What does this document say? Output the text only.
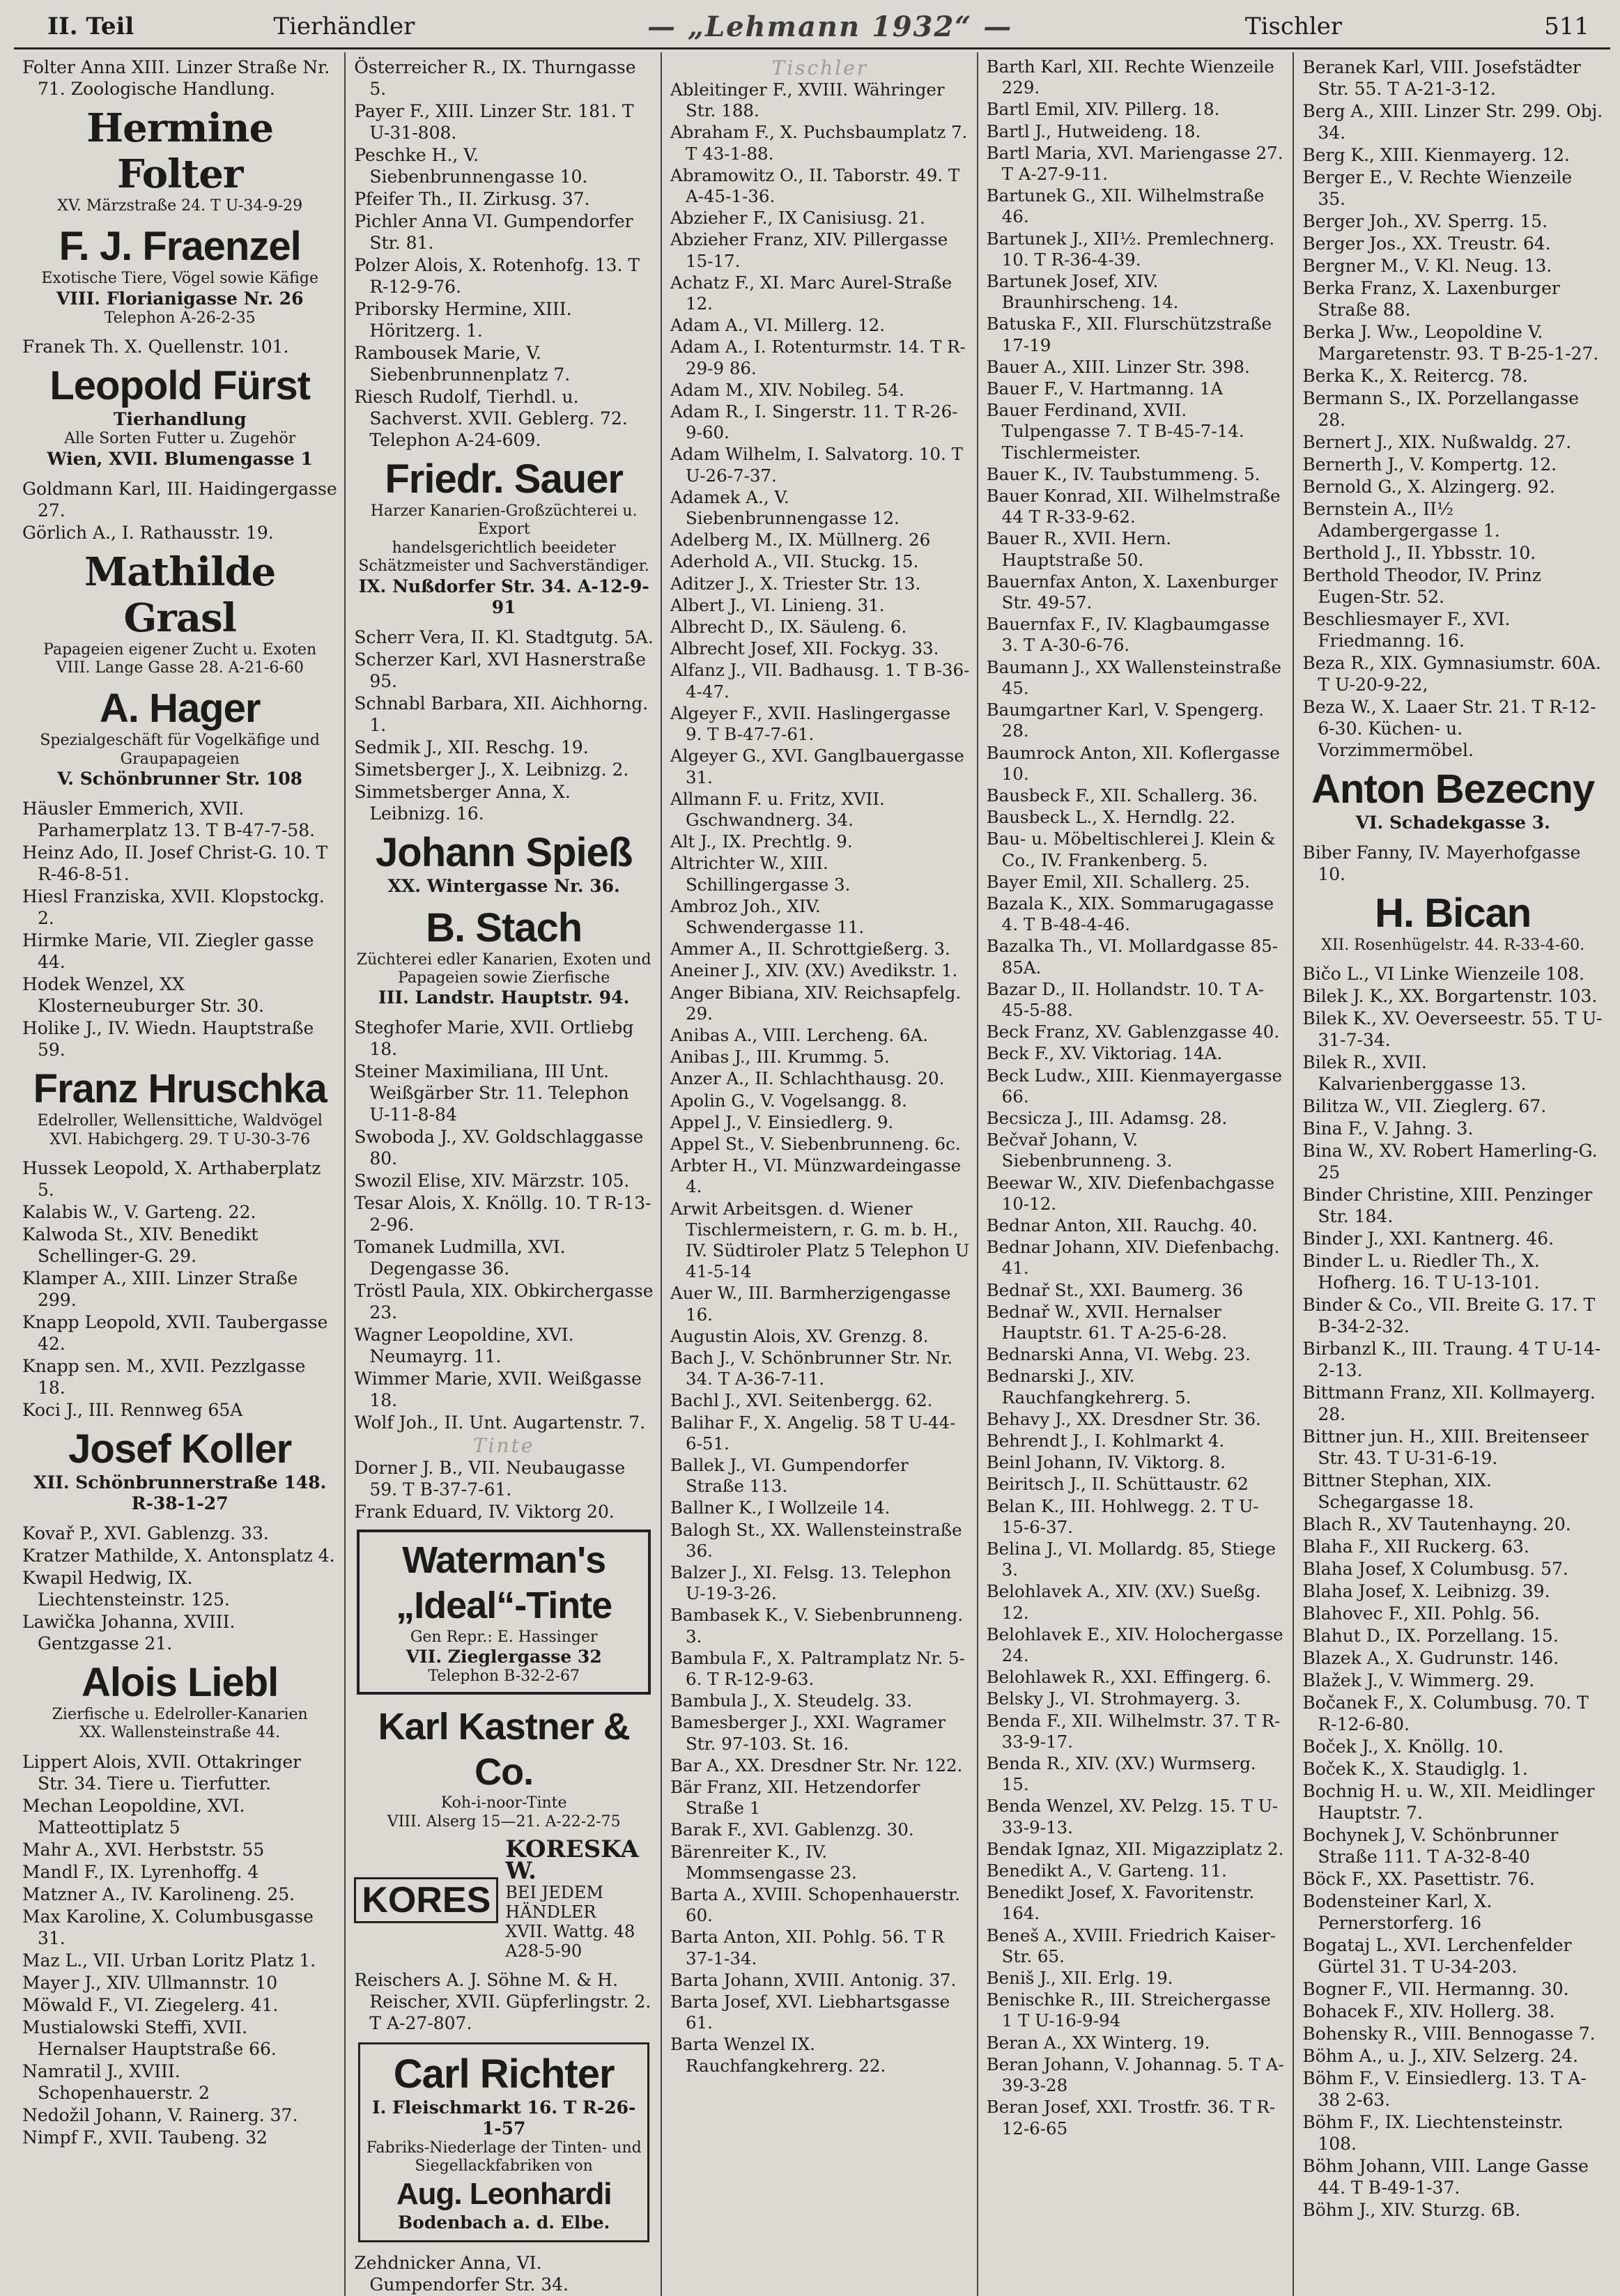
II. Teil	Tierhändler	— „Lehmann 1932“ —	Tischler	511
Folter Anna XIII. Linzer Straße Nr. 71. Zoologische Handlung.
Hermine Folter
XV. Märzstraße 24. T U-34-9-29
F. J. Fraenzel
Exotische Tiere, Vögel sowie Käfige
VIII. Florianigasse Nr. 26
Telephon A-26-2-35
Franek Th. X. Quellenstr. 101.
Leopold Fürst
Tierhandlung
Alle Sorten Futter u. Zugehör
Wien, XVII. Blumengasse 1
Goldmann Karl, III. Haidingergasse 27.
Görlich A., I. Rathausstr. 19.
Mathilde Grasl
Papageien eigener Zucht u. Exoten
VIII. Lange Gasse 28. A-21-6-60
A. Hager
Spezialgeschäft für Vogelkäfige und Graupapageien
V. Schönbrunner Str. 108
Häusler Emmerich, XVII. Parhamerplatz 13. T B-47-7-58.
Heinz Ado, II. Josef Christ-G. 10. T R-46-8-51.
Hiesl Franziska, XVII. Klopstockg. 2.
Hirmke Marie, VII. Ziegler gasse 44.
Hodek Wenzel, XX Klosterneuburger Str. 30.
Holike J., IV. Wiedn. Hauptstraße 59.
Franz Hruschka
Edelroller, Wellensittiche, Waldvögel
XVI. Habichgerg. 29. T U-30-3-76
Hussek Leopold, X. Arthaberplatz 5.
Kalabis W., V. Garteng. 22.
Kalwoda St., XIV. Benedikt Schellinger-G. 29.
Klamper A., XIII. Linzer Straße 299.
Knapp Leopold, XVII. Taubergasse 42.
Knapp sen. M., XVII. Pezzlgasse 18.
Koci J., III. Rennweg 65A
Josef Koller
XII. Schönbrunnerstraße 148. R-38-1-27
Kovař P., XVI. Gablenzg. 33.
Kratzer Mathilde, X. Antonsplatz 4.
Kwapil Hedwig, IX. Liechtensteinstr. 125.
Lawička Johanna, XVIII. Gentzgasse 21.
Alois Liebl
Zierfische u. Edelroller-Kanarien
XX. Wallensteinstraße 44.
Lippert Alois, XVII. Ottakringer Str. 34. Tiere u. Tierfutter.
Mechan Leopoldine, XVI. Matteottiplatz 5
Mahr A., XVI. Herbststr. 55
Mandl F., IX. Lyrenhoffg. 4
Matzner A., IV. Karolineng. 25.
Max Karoline, X. Columbusgasse 31.
Maz L., VII. Urban Loritz Platz 1.
Mayer J., XIV. Ullmannstr. 10
Möwald F., VI. Ziegelerg. 41.
Mustialowski Steffi, XVII. Hernalser Hauptstraße 66.
Namratil J., XVIII. Schopenhauerstr. 2
Nedožil Johann, V. Rainerg. 37.
Nimpf F., XVII. Taubeng. 32
Österreicher R., IX. Thurngasse 5.
Payer F., XIII. Linzer Str. 181. T U-31-808.
Peschke H., V. Siebenbrunnengasse 10.
Pfeifer Th., II. Zirkusg. 37.
Pichler Anna VI. Gumpendorfer Str. 81.
Polzer Alois, X. Rotenhofg. 13. T R-12-9-76.
Priborsky Hermine, XIII. Höritzerg. 1.
Rambousek Marie, V. Siebenbrunnenplatz 7.
Riesch Rudolf, Tierhdl. u. Sachverst. XVII. Geblerg. 72. Telephon A-24-609.
Friedr. Sauer
Harzer Kanarien-Großzüchterei u. Export
handelsgerichtlich beeideter Schätzmeister und Sachverständiger.
IX. Nußdorfer Str. 34. A-12-9-91
Scherr Vera, II. Kl. Stadtgutg. 5A.
Scherzer Karl, XVI Hasnerstraße 95.
Schnabl Barbara, XII. Aichhorng. 1.
Sedmik J., XII. Reschg. 19.
Simetsberger J., X. Leibnizg. 2.
Simmetsberger Anna, X. Leibnizg. 16.
Johann Spieß
XX. Wintergasse Nr. 36.
B. Stach
Züchterei edler Kanarien, Exoten und Papageien sowie Zierfische
III. Landstr. Hauptstr. 94.
Steghofer Marie, XVII. Ortliebg 18.
Steiner Maximiliana, III Unt. Weißgärber Str. 11. Telephon U-11-8-84
Swoboda J., XV. Goldschlaggasse 80.
Swozil Elise, XIV. Märzstr. 105.
Tesar Alois, X. Knöllg. 10. T R-13-2-96.
Tomanek Ludmilla, XVI. Degengasse 36.
Tröstl Paula, XIX. Obkirchergasse 23.
Wagner Leopoldine, XVI. Neumayrg. 11.
Wimmer Marie, XVII. Weißgasse 18.
Wolf Joh., II. Unt. Augartenstr. 7.
Tinte
Dorner J. B., VII. Neubaugasse 59. T B-37-7-61.
Frank Eduard, IV. Viktorg 20.
Waterman's „Ideal“-Tinte
Gen Repr.: E. Hassinger
VII. Zieglergasse 32
Telephon B-32-2-67
Karl Kastner & Co.
Koh-i-noor-Tinte
VIII. Alserg 15—21. A-22-2-75
KORES
KORESKA W.
BEI JEDEM HÄNDLER
XVII. Wattg. 48 A28-5-90
Reischers A. J. Söhne M. & H. Reischer, XVII. Güpferlingstr. 2. T A-27-807.
Carl Richter
I. Fleischmarkt 16. T R-26-1-57
Fabriks-Niederlage der Tinten- und Siegellackfabriken von
Aug. Leonhardi
Bodenbach a. d. Elbe.
Zehdnicker Anna, VI. Gumpendorfer Str. 34.
Tischler
Ableitinger F., XVIII. Währinger Str. 188.
Abraham F., X. Puchsbaumplatz 7. T 43-1-88.
Abramowitz O., II. Taborstr. 49. T A-45-1-36.
Abzieher F., IX Canisiusg. 21.
Abzieher Franz, XIV. Pillergasse 15-17.
Achatz F., XI. Marc Aurel-Straße 12.
Adam A., VI. Millerg. 12.
Adam A., I. Rotenturmstr. 14. T R-29-9 86.
Adam M., XIV. Nobileg. 54.
Adam R., I. Singerstr. 11. T R-26-9-60.
Adam Wilhelm, I. Salvatorg. 10. T U-26-7-37.
Adamek A., V. Siebenbrunnengasse 12.
Adelberg M., IX. Müllnerg. 26
Aderhold A., VII. Stuckg. 15.
Aditzer J., X. Triester Str. 13.
Albert J., VI. Linieng. 31.
Albrecht D., IX. Säuleng. 6.
Albrecht Josef, XII. Fockyg. 33.
Alfanz J., VII. Badhausg. 1. T B-36-4-47.
Algeyer F., XVII. Haslingergasse 9. T B-47-7-61.
Algeyer G., XVI. Ganglbauergasse 31.
Allmann F. u. Fritz, XVII. Gschwandnerg. 34.
Alt J., IX. Prechtlg. 9.
Altrichter W., XIII. Schillingergasse 3.
Ambroz Joh., XIV. Schwendergasse 11.
Ammer A., II. Schrottgießerg. 3.
Aneiner J., XIV. (XV.) Avedikstr. 1.
Anger Bibiana, XIV. Reichsapfelg. 29.
Anibas A., VIII. Lercheng. 6A.
Anibas J., III. Krummg. 5.
Anzer A., II. Schlachthausg. 20.
Apolin G., V. Vogelsangg. 8.
Appel J., V. Einsiedlerg. 9.
Appel St., V. Siebenbrunneng. 6c.
Arbter H., VI. Münzwardeingasse 4.
Arwit Arbeitsgen. d. Wiener Tischlermeistern, r. G. m. b. H., IV. Südtiroler Platz 5 Telephon U 41-5-14
Auer W., III. Barmherzigengasse 16.
Augustin Alois, XV. Grenzg. 8.
Bach J., V. Schönbrunner Str. Nr. 34. T A-36-7-11.
Bachl J., XVI. Seitenbergg. 62.
Balihar F., X. Angelig. 58 T U-44-6-51.
Ballek J., VI. Gumpendorfer Straße 113.
Ballner K., I Wollzeile 14.
Balogh St., XX. Wallensteinstraße 36.
Balzer J., XI. Felsg. 13. Telephon U-19-3-26.
Bambasek K., V. Siebenbrunneng. 3.
Bambula F., X. Paltramplatz Nr. 5-6. T R-12-9-63.
Bambula J., X. Steudelg. 33.
Bamesberger J., XXI. Wagramer Str. 97-103. St. 16.
Bar A., XX. Dresdner Str. Nr. 122.
Bär Franz, XII. Hetzendorfer Straße 1
Barak F., XVI. Gablenzg. 30.
Bärenreiter K., IV. Mommsengasse 23.
Barta A., XVIII. Schopenhauerstr. 60.
Barta Anton, XII. Pohlg. 56. T R 37-1-34.
Barta Johann, XVIII. Antonig. 37.
Barta Josef, XVI. Liebhartsgasse 61.
Barta Wenzel IX. Rauchfangkehrerg. 22.
Barth Karl, XII. Rechte Wienzeile 229.
Bartl Emil, XIV. Pillerg. 18.
Bartl J., Hutweideng. 18.
Bartl Maria, XVI. Mariengasse 27. T A-27-9-11.
Bartunek G., XII. Wilhelmstraße 46.
Bartunek J., XII½. Premlechnerg. 10. T R-36-4-39.
Bartunek Josef, XIV. Braunhirscheng. 14.
Batuska F., XII. Flurschützstraße 17-19
Bauer A., XIII. Linzer Str. 398.
Bauer F., V. Hartmanng. 1A
Bauer Ferdinand, XVII. Tulpengasse 7. T B-45-7-14. Tischlermeister.
Bauer K., IV. Taubstummeng. 5.
Bauer Konrad, XII. Wilhelmstraße 44 T R-33-9-62.
Bauer R., XVII. Hern. Hauptstraße 50.
Bauernfax Anton, X. Laxenburger Str. 49-57.
Bauernfax F., IV. Klagbaumgasse 3. T A-30-6-76.
Baumann J., XX Wallensteinstraße 45.
Baumgartner Karl, V. Spengerg. 28.
Baumrock Anton, XII. Koflergasse 10.
Bausbeck F., XII. Schallerg. 36.
Bausbeck L., X. Herndlg. 22.
Bau- u. Möbeltischlerei J. Klein & Co., IV. Frankenberg. 5.
Bayer Emil, XII. Schallerg. 25.
Bazala K., XIX. Sommarugagasse 4. T B-48-4-46.
Bazalka Th., VI. Mollardgasse 85-85A.
Bazar D., II. Hollandstr. 10. T A-45-5-88.
Beck Franz, XV. Gablenzgasse 40.
Beck F., XV. Viktoriag. 14A.
Beck Ludw., XIII. Kienmayergasse 66.
Becsicza J., III. Adamsg. 28.
Bečvař Johann, V. Siebenbrunneng. 3.
Beewar W., XIV. Diefenbachgasse 10-12.
Bednar Anton, XII. Rauchg. 40.
Bednar Johann, XIV. Diefenbachg. 41.
Bednař St., XXI. Baumerg. 36
Bednař W., XVII. Hernalser Hauptstr. 61. T A-25-6-28.
Bednarski Anna, VI. Webg. 23.
Bednarski J., XIV. Rauchfangkehrerg. 5.
Behavy J., XX. Dresdner Str. 36.
Behrendt J., I. Kohlmarkt 4.
Beinl Johann, IV. Viktorg. 8.
Beiritsch J., II. Schüttaustr. 62
Belan K., III. Hohlwegg. 2. T U-15-6-37.
Belina J., VI. Mollardg. 85, Stiege 3.
Belohlavek A., XIV. (XV.) Sueßg. 12.
Belohlavek E., XIV. Holochergasse 24.
Belohlawek R., XXI. Effingerg. 6.
Belsky J., VI. Strohmayerg. 3.
Benda F., XII. Wilhelmstr. 37. T R-33-9-17.
Benda R., XIV. (XV.) Wurmserg. 15.
Benda Wenzel, XV. Pelzg. 15. T U-33-9-13.
Bendak Ignaz, XII. Migazziplatz 2.
Benedikt A., V. Garteng. 11.
Benedikt Josef, X. Favoritenstr. 164.
Beneš A., XVIII. Friedrich Kaiser-Str. 65.
Beniš J., XII. Erlg. 19.
Benischke R., III. Streichergasse 1 T U-16-9-94
Beran A., XX Winterg. 19.
Beran Johann, V. Johannag. 5. T A-39-3-28
Beran Josef, XXI. Trostfr. 36. T R-12-6-65
Beranek Karl, VIII. Josefstädter Str. 55. T A-21-3-12.
Berg A., XIII. Linzer Str. 299. Obj. 34.
Berg K., XIII. Kienmayerg. 12.
Berger E., V. Rechte Wienzeile 35.
Berger Joh., XV. Sperrg. 15.
Berger Jos., XX. Treustr. 64.
Bergner M., V. Kl. Neug. 13.
Berka Franz, X. Laxenburger Straße 88.
Berka J. Ww., Leopoldine V. Margaretenstr. 93. T B-25-1-27.
Berka K., X. Reitercg. 78.
Bermann S., IX. Porzellangasse 28.
Bernert J., XIX. Nußwaldg. 27.
Bernerth J., V. Kompertg. 12.
Bernold G., X. Alzingerg. 92.
Bernstein A., II½ Adambergergasse 1.
Berthold J., II. Ybbsstr. 10.
Berthold Theodor, IV. Prinz Eugen-Str. 52.
Beschliesmayer F., XVI. Friedmanng. 16.
Beza R., XIX. Gymnasiumstr. 60A. T U-20-9-22,
Beza W., X. Laaer Str. 21. T R-12-6-30. Küchen- u. Vorzimmermöbel.
Anton Bezecny
VI. Schadekgasse 3.
Biber Fanny, IV. Mayerhofgasse 10.
H. Bican
XII. Rosenhügelstr. 44. R-33-4-60.
Bičo L., VI Linke Wienzeile 108.
Bilek J. K., XX. Borgartenstr. 103.
Bilek K., XV. Oeverseestr. 55. T U-31-7-34.
Bilek R., XVII. Kalvarienberggasse 13.
Bilitza W., VII. Zieglerg. 67.
Bina F., V. Jahng. 3.
Bina W., XV. Robert Hamerling-G. 25
Binder Christine, XIII. Penzinger Str. 184.
Binder J., XXI. Kantnerg. 46.
Binder L. u. Riedler Th., X. Hofherg. 16. T U-13-101.
Binder & Co., VII. Breite G. 17. T B-34-2-32.
Birbanzl K., III. Traung. 4 T U-14-2-13.
Bittmann Franz, XII. Kollmayerg. 28.
Bittner jun. H., XIII. Breitenseer Str. 43. T U-31-6-19.
Bittner Stephan, XIX. Schegargasse 18.
Blach R., XV Tautenhayng. 20.
Blaha F., XII Ruckerg. 63.
Blaha Josef, X Columbusg. 57.
Blaha Josef, X. Leibnizg. 39.
Blahovec F., XII. Pohlg. 56.
Blahut D., IX. Porzellang. 15.
Blazek A., X. Gudrunstr. 146.
Blažek J., V. Wimmerg. 29.
Bočanek F., X. Columbusg. 70. T R-12-6-80.
Boček J., X. Knöllg. 10.
Boček K., X. Staudiglg. 1.
Bochnig H. u. W., XII. Meidlinger Hauptstr. 7.
Bochynek J, V. Schönbrunner Straße 111. T A-32-8-40
Böck F., XX. Pasettistr. 76.
Bodensteiner Karl, X. Pernerstorferg. 16
Bogataj L., XVI. Lerchenfelder Gürtel 31. T U-34-203.
Bogner F., VII. Hermanng. 30.
Bohacek F., XIV. Hollerg. 38.
Bohensky R., VIII. Bennogasse 7.
Böhm A., u. J., XIV. Selzerg. 24.
Böhm F., V. Einsiedlerg. 13. T A-38 2-63.
Böhm F., IX. Liechtensteinstr. 108.
Böhm Johann, VIII. Lange Gasse 44. T B-49-1-37.
Böhm J., XIV. Sturzg. 6B.
